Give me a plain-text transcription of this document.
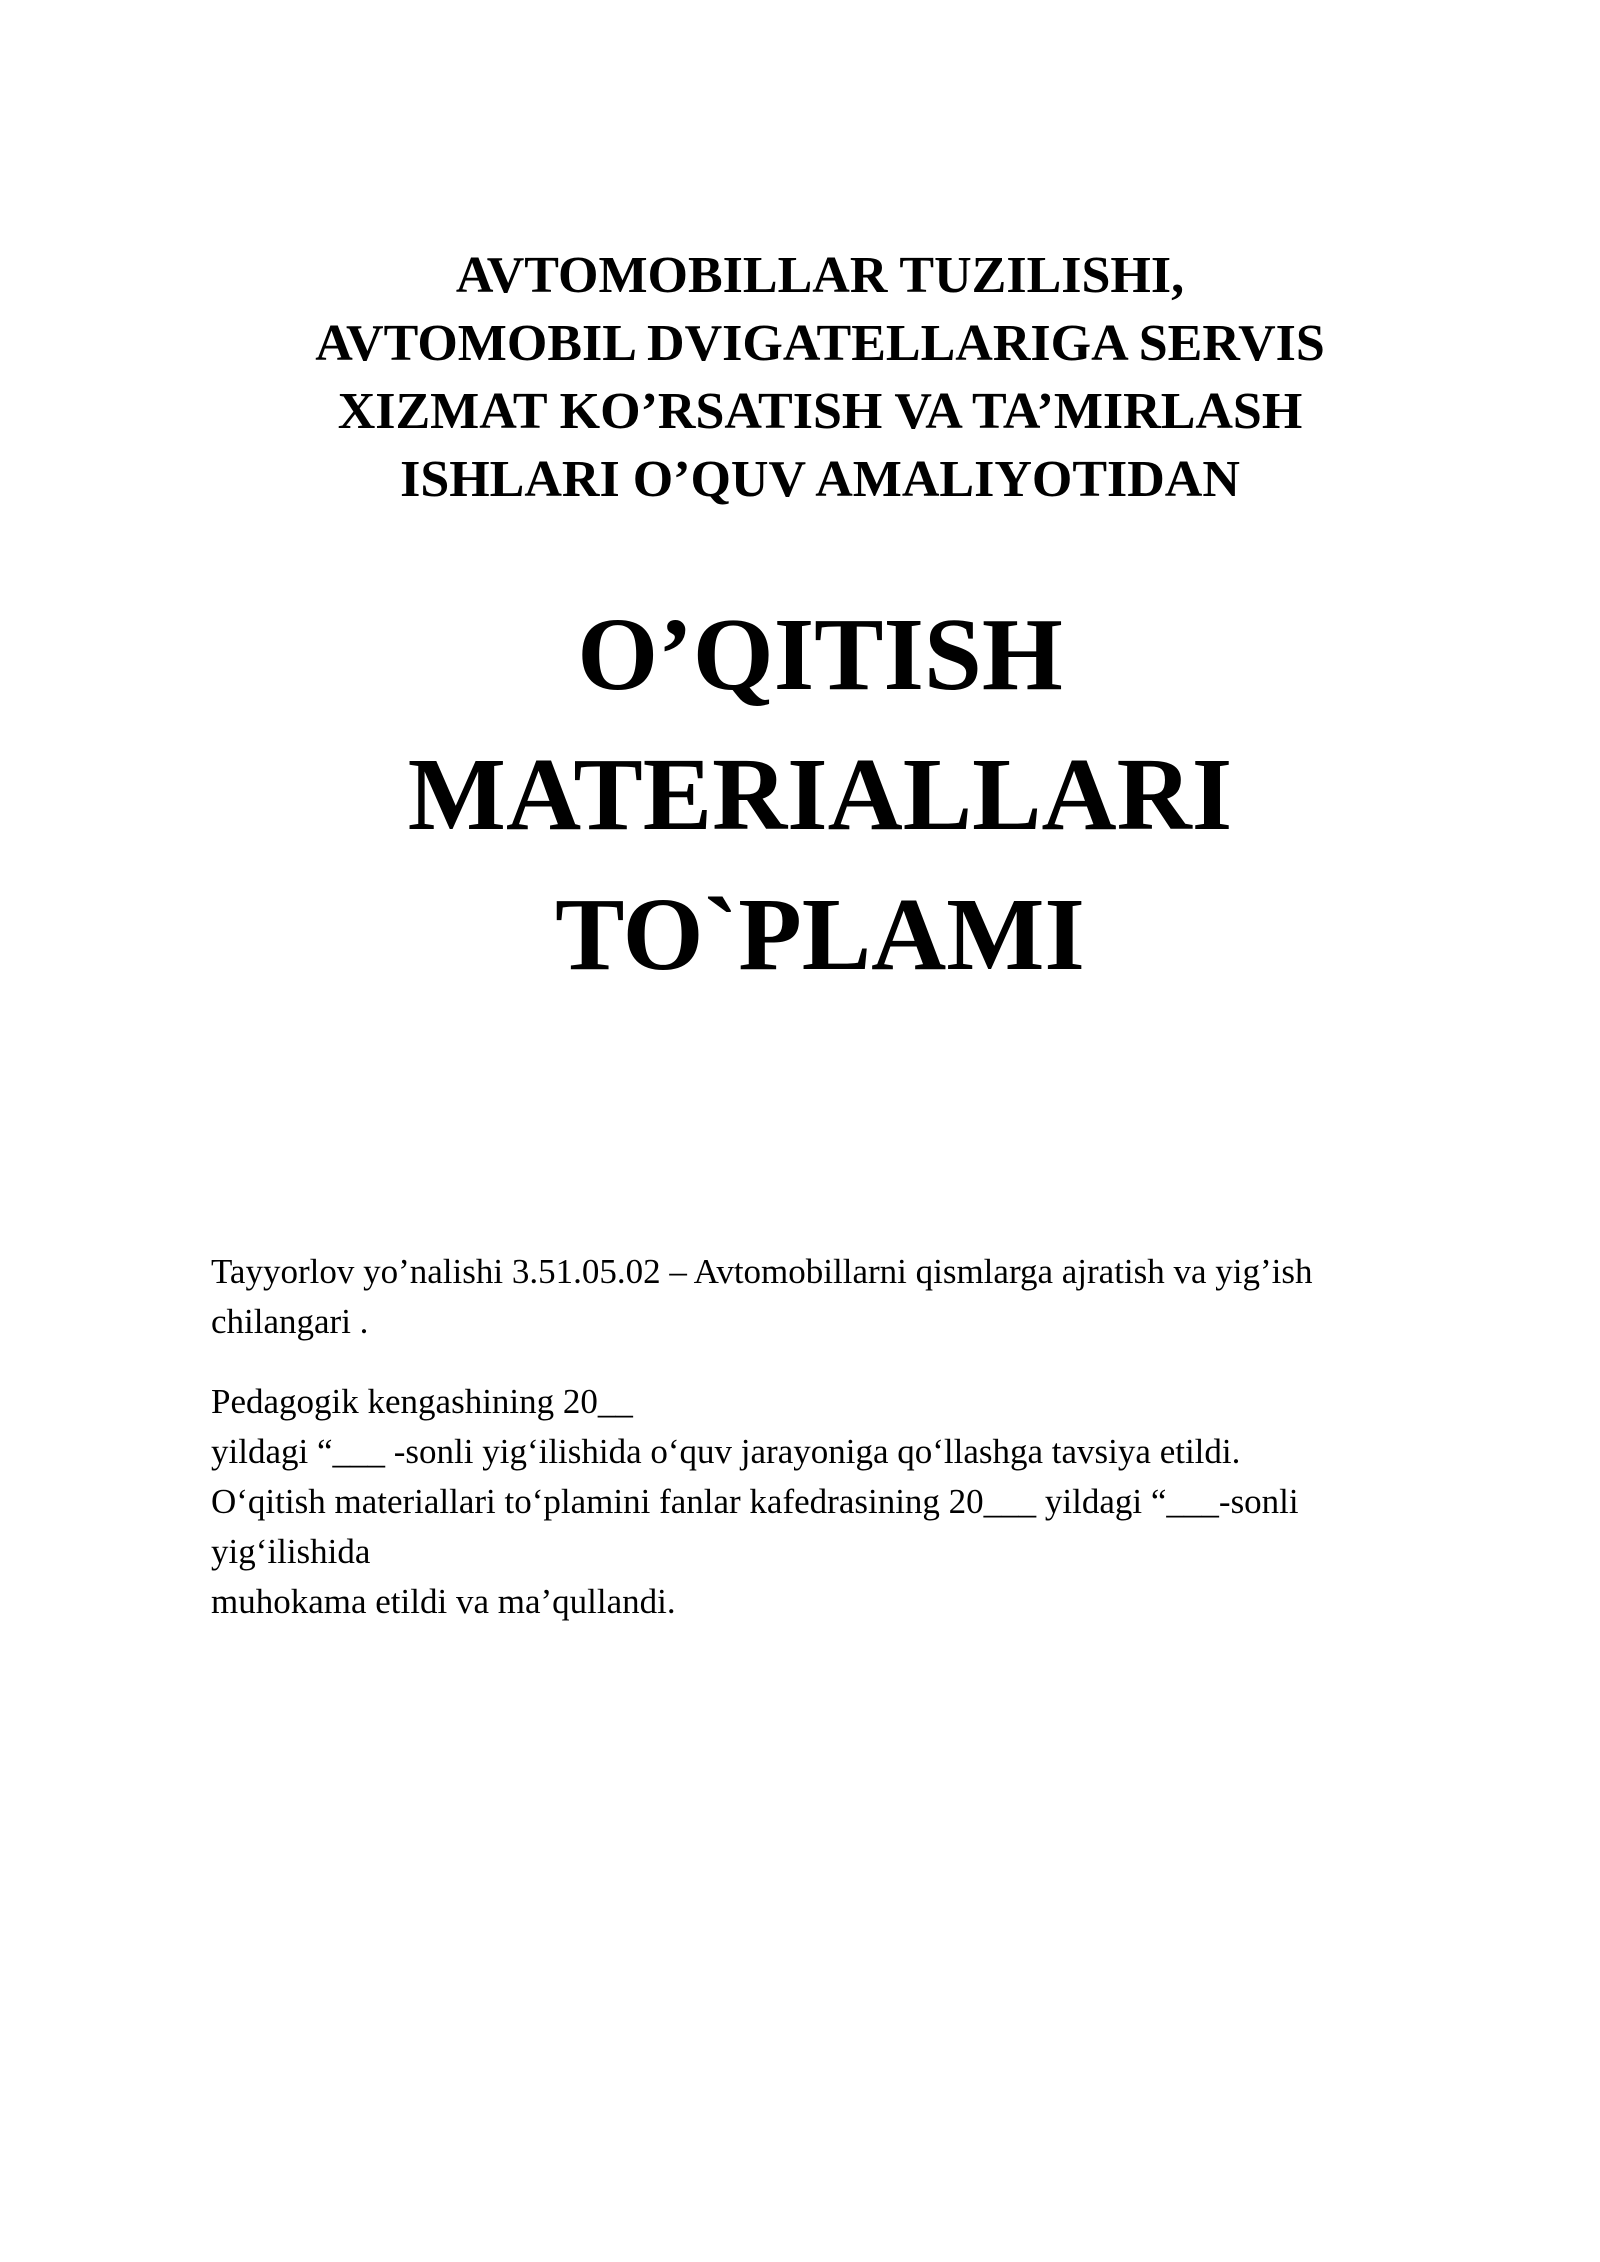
AVTOMOBILLAR TUZILISHI,
AVTOMOBIL DVIGATELLARIGA SERVIS
XIZMAT KO’RSATISH VA TA’MIRLASH
ISHLARI O’QUV AMALIYOTIDAN
O’QITISH
MATERIALLARI
TO`PLAMI
Tayyorlov yo’nalishi 3.51.05.02 – Avtomobillarni qismlarga ajratish va yig’ish
chilangari .
Pedagogik kengashining 20__
yildagi “___ -sonli yig‘ilishida o‘quv jarayoniga qo‘llashga tavsiya etildi.
O‘qitish materiallari to‘plamini fanlar kafedrasining 20___ yildagi “___-sonli
yig‘ilishida
muhokama etildi va ma’qullandi.
